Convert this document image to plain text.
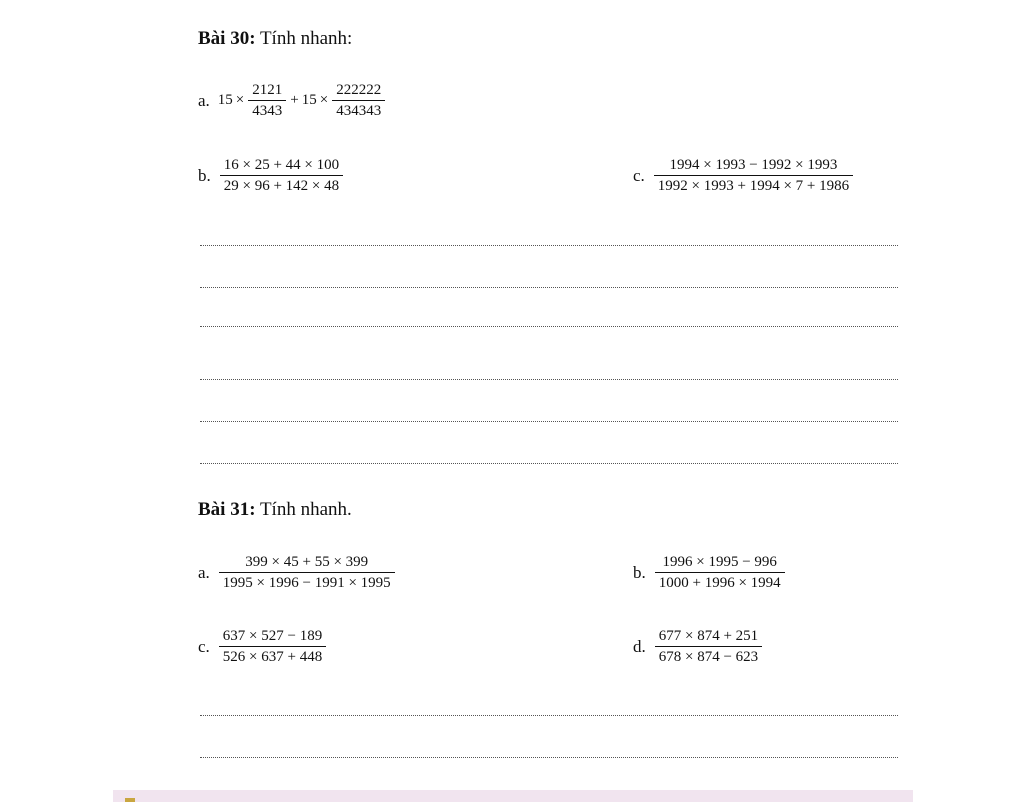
Bài 30: Tính nhanh:
a. $15 \times \frac{2121}{4343} + 15 \times \frac{222222}{434343}$
b. $\frac{16 \times 25 + 44 \times 100}{29 \times 96 + 142 \times 48}$	c. $\frac{1994 \times 1993 - 1992 \times 1993}{1992 \times 1993 + 1994 \times 7 + 1986}$
Bài 31: Tính nhanh.
a. $\frac{399 \times 45 + 55 \times 399}{1995 \times 1996 - 1991 \times 1995}$	b. $\frac{1996 \times 1995 - 996}{1000 + 1996 \times 1994}$
c. $\frac{637 \times 527 - 189}{526 \times 637 + 448}$	d. $\frac{677 \times 874 + 251}{678 \times 874 - 623}$
